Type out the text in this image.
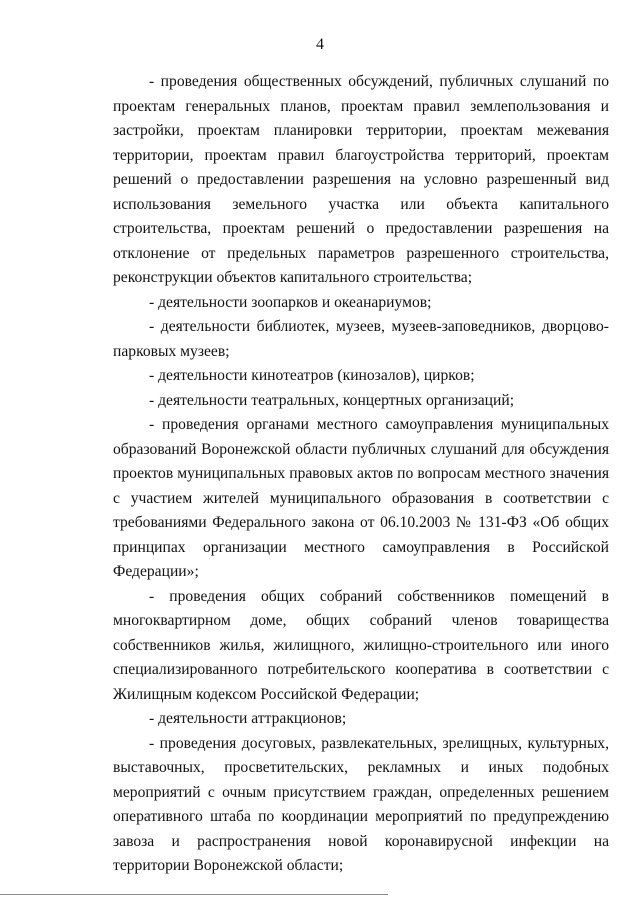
4

- проведения общественных обсуждений, публичных слушаний по проектам генеральных планов, проектам правил землепользования и застройки, проектам планировки территории, проектам межевания территории, проектам правил благоустройства территорий, проектам решений о предоставлении разрешения на условно разрешенный вид использования земельного участка или объекта капитального строительства, проектам решений о предоставлении разрешения на отклонение от предельных параметров разрешенного строительства, реконструкции объектов капитального строительства;

- деятельности зоопарков и океанариумов;

- деятельности библиотек, музеев, музеев-заповедников, дворцово-парковых музеев;

- деятельности кинотеатров (кинозалов), цирков;

- деятельности театральных, концертных организаций;

- проведения органами местного самоуправления муниципальных образований Воронежской области публичных слушаний для обсуждения проектов муниципальных правовых актов по вопросам местного значения с участием жителей муниципального образования в соответствии с требованиями Федерального закона от 06.10.2003 № 131-ФЗ «Об общих принципах организации местного самоуправления в Российской Федерации»;

- проведения общих собраний собственников помещений в многоквартирном доме, общих собраний членов товарищества собственников жилья, жилищного, жилищно-строительного или иного специализированного потребительского кооператива в соответствии с Жилищным кодексом Российской Федерации;

- деятельности аттракционов;

- проведения досуговых, развлекательных, зрелищных, культурных, выставочных, просветительских, рекламных и иных подобных мероприятий с очным присутствием граждан, определенных решением оперативного штаба по координации мероприятий по предупреждению завоза и распространения новой коронавирусной инфекции на территории Воронежской области;
